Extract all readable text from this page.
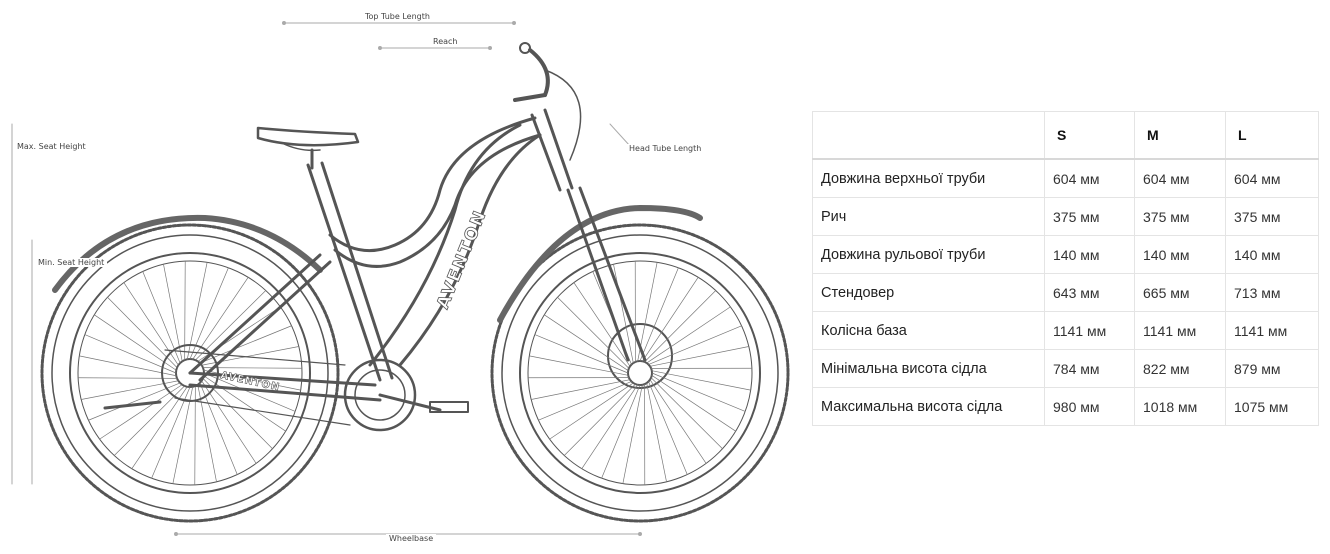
AVENTON
AVENTON
Top Tube Length
Reach
Head Tube Length
Max. Seat Height
Min. Seat Height
Wheelbase
	S	M	L
Довжина верхньої труби	604 мм	604 мм	604 мм
Рич	375 мм	375 мм	375 мм
Довжина рульової труби	140 мм	140 мм	140 мм
Стендовер	643 мм	665 мм	713 мм
Колісна база	1141 мм	1141 мм	1141 мм
Мінімальна висота сідла	784 мм	822 мм	879 мм
Максимальна висота сідла	980 мм	1018 мм	1075 мм
